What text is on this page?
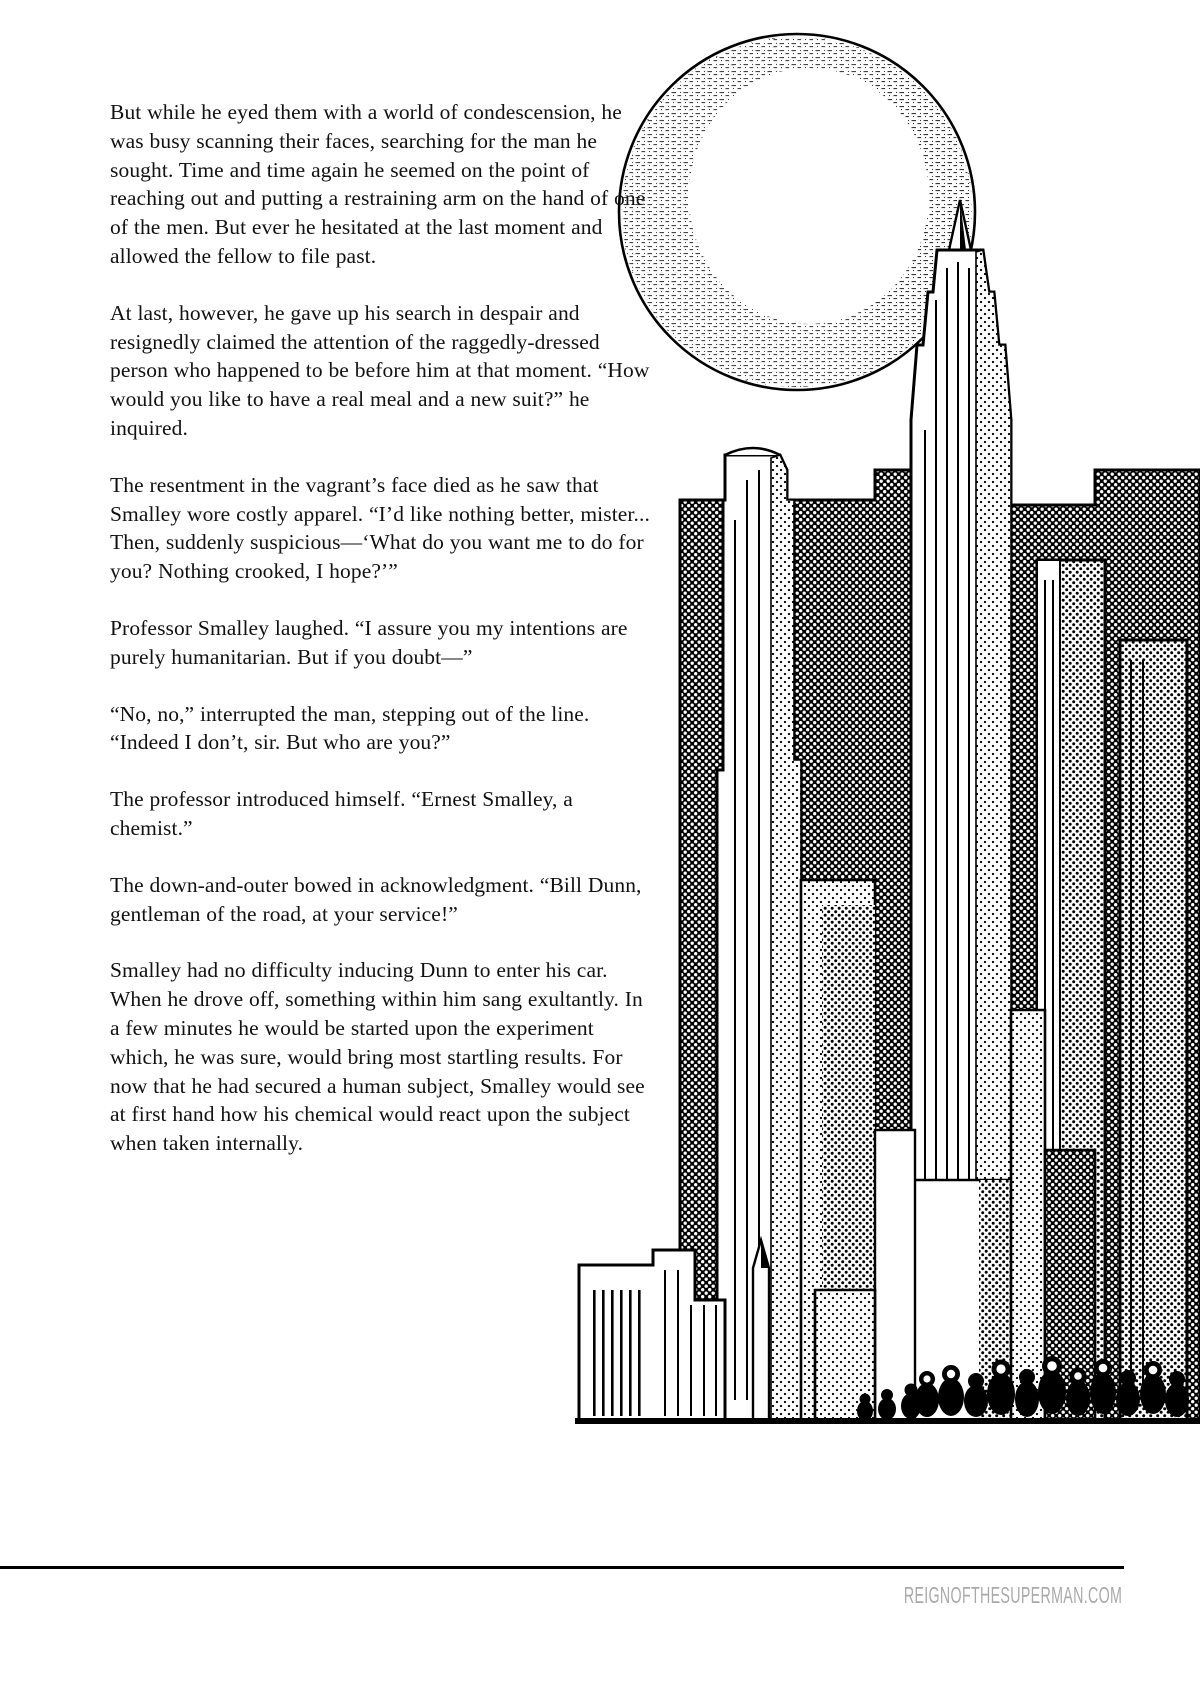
But while he eyed them with a world of condescension, he was busy scanning their faces, searching for the man he sought. Time and time again he seemed on the point of reaching out and putting a restraining arm on the hand of one of the men. But ever he hesitated at the last moment and allowed the fellow to file past.

At last, however, he gave up his search in despair and resignedly claimed the attention of the raggedly-dressed person who happened to be before him at that moment. “How would you like to have a real meal and a new suit?” he inquired.

The resentment in the vagrant’s face died as he saw that Smalley wore costly apparel. “I’d like nothing better, mister... Then, suddenly suspicious—‘What do you want me to do for you? Nothing crooked, I hope?’”

Professor Smalley laughed. “I assure you my intentions are purely humanitarian. But if you doubt—”

“No, no,” interrupted the man, stepping out of the line. “Indeed I don’t, sir. But who are you?”

The professor introduced himself. “Ernest Smalley, a chemist.”

The down-and-outer bowed in acknowledgment. “Bill Dunn, gentleman of the road, at your service!”

Smalley had no difficulty inducing Dunn to enter his car. When he drove off, something within him sang exultantly. In a few minutes he would be started upon the experiment which, he was sure, would bring most startling results. For now that he had secured a human subject, Smalley would see at first hand how his chemical would react upon the subject when taken internally.

REIGNOFTHESUPERMAN.COM
